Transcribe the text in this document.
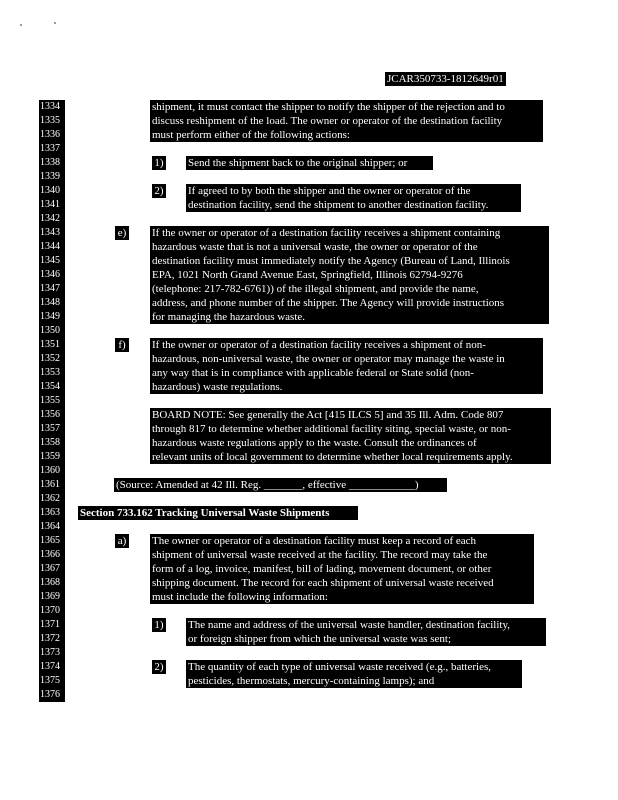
JCAR350733-1812649r01
1334
1335
1336
1337
1338
1339
1340
1341
1342
1343
1344
1345
1346
1347
1348
1349
1350
1351
1352
1353
1354
1355
1356
1357
1358
1359
1360
1361
1362
1363
1364
1365
1366
1367
1368
1369
1370
1371
1372
1373
1374
1375
1376
shipment, it must contact the shipper to notify the shipper of the rejection and to
discuss reshipment of the load. The owner or operator of the destination facility
must perform either of the following actions:
1) Send the shipment back to the original shipper; or
2) If agreed to by both the shipper and the owner or operator of the
destination facility, send the shipment to another destination facility.
e) If the owner or operator of a destination facility receives a shipment containing
hazardous waste that is not a universal waste, the owner or operator of the
destination facility must immediately notify the Agency (Bureau of Land, Illinois
EPA, 1021 North Grand Avenue East, Springfield, Illinois 62794-9276
(telephone: 217-782-6761)) of the illegal shipment, and provide the name,
address, and phone number of the shipper. The Agency will provide instructions
for managing the hazardous waste.
f)	If the owner or operator of a destination facility receives a shipment of non-
hazardous, non-universal waste, the owner or operator may manage the waste in
any way that is in compliance with applicable federal or State solid (non-
hazardous) waste regulations.
BOARD NOTE: See generally the Act [415 ILCS 5] and 35 Ill. Adm. Code 807
through 817 to determine whether additional facility siting, special waste, or non-
hazardous waste regulations apply to the waste. Consult the ordinances of
relevant units of local government to determine whether local requirements apply.
(Source: Amended at 42 Ill. Reg. _______, effective ____________)
Section 733.162 Tracking Universal Waste Shipments
a) The owner or operator of a destination facility must keep a record of each
shipment of universal waste received at the facility. The record may take the
form of a log, invoice, manifest, bill of lading, movement document, or other
shipping document. The record for each shipment of universal waste received
must include the following information:
1) The name and address of the universal waste handler, destination facility,
or foreign shipper from which the universal waste was sent;
2) The quantity of each type of universal waste received (e.g., batteries,
pesticides, thermostats, mercury-containing lamps); and
